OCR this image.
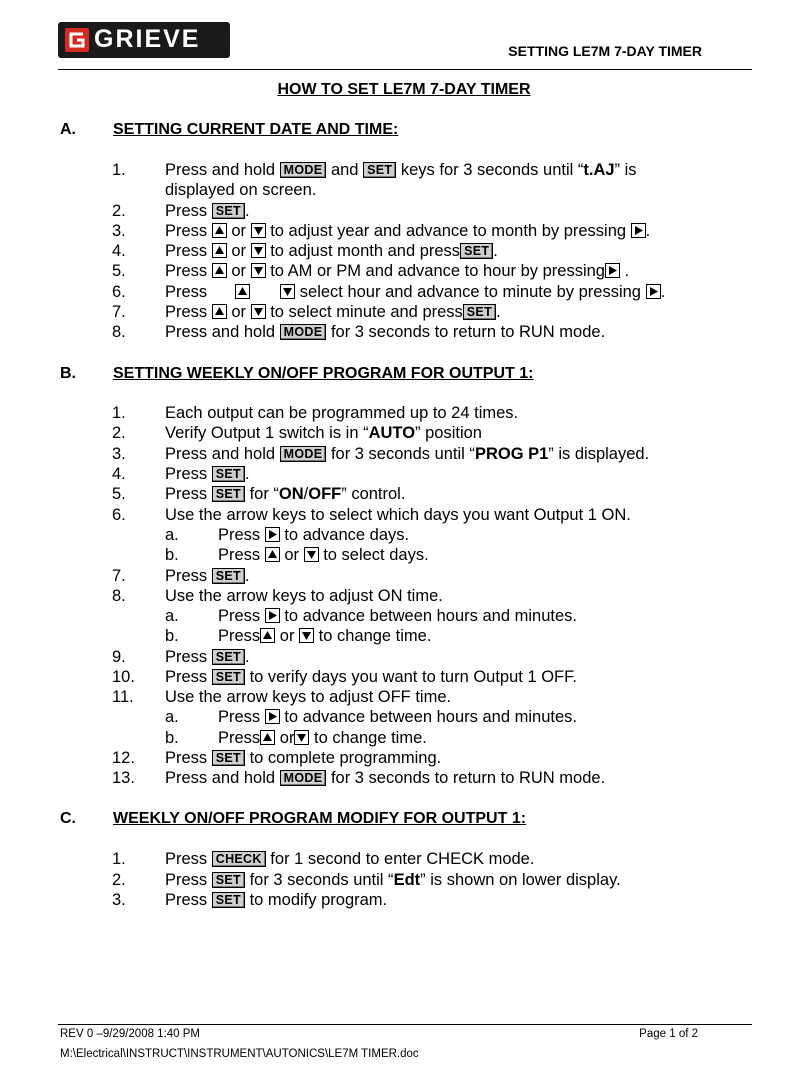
GRIEVE	SETTING LE7M 7-DAY TIMER
HOW TO SET LE7M 7-DAY TIMER
A. SETTING CURRENT DATE AND TIME:
1. Press and hold MODE and SET keys for 3 seconds until “t.AJ” is
displayed on screen.
2. Press SET .
3. Press
or
to adjust year and advance to month by pressing
.
4. Press
or
to adjust month and press SET .
5. Press
or
to AM or PM and advance to hour by pressing
.
6. Press	select hour and advance to minute by pressing
.
7. Press
or
to select minute and press SET .
8. Press and hold MODE for 3 seconds to return to RUN mode.
B. SETTING WEEKLY ON/OFF PROGRAM FOR OUTPUT 1:
1. Each output can be programmed up to 24 times.
2. Verify Output 1 switch is in “AUTO” position
3. Press and hold MODE for 3 seconds until “PROG P1” is displayed.
4. Press SET .
5. Press SET for “ON/OFF” control.
6. Use the arrow keys to select which days you want Output 1 ON.
a. Press
to advance days.
b. Press
or
to select days.
7. Press SET .
8. Use the arrow keys to adjust ON time.
a. Press
to advance between hours and minutes.
b. Press
or
to change time.
9. Press SET .
10. Press SET to verify days you want to turn Output 1 OFF.
11. Use the arrow keys to adjust OFF time.
a. Press
to advance between hours and minutes.
b. Press
or
to change time.
12. Press SET to complete programming.
13. Press and hold MODE for 3 seconds to return to RUN mode.
C. WEEKLY ON/OFF PROGRAM MODIFY FOR OUTPUT 1:
1. Press CHECK for 1 second to enter CHECK mode.
2. Press SET for 3 seconds until “Edt” is shown on lower display.
3. Press SET to modify program.
REV 0 –9/29/2008 1:40 PM	Page 1 of 2
M:\Electrical\INSTRUCT\INSTRUMENT\AUTONICS\LE7M TIMER.doc
